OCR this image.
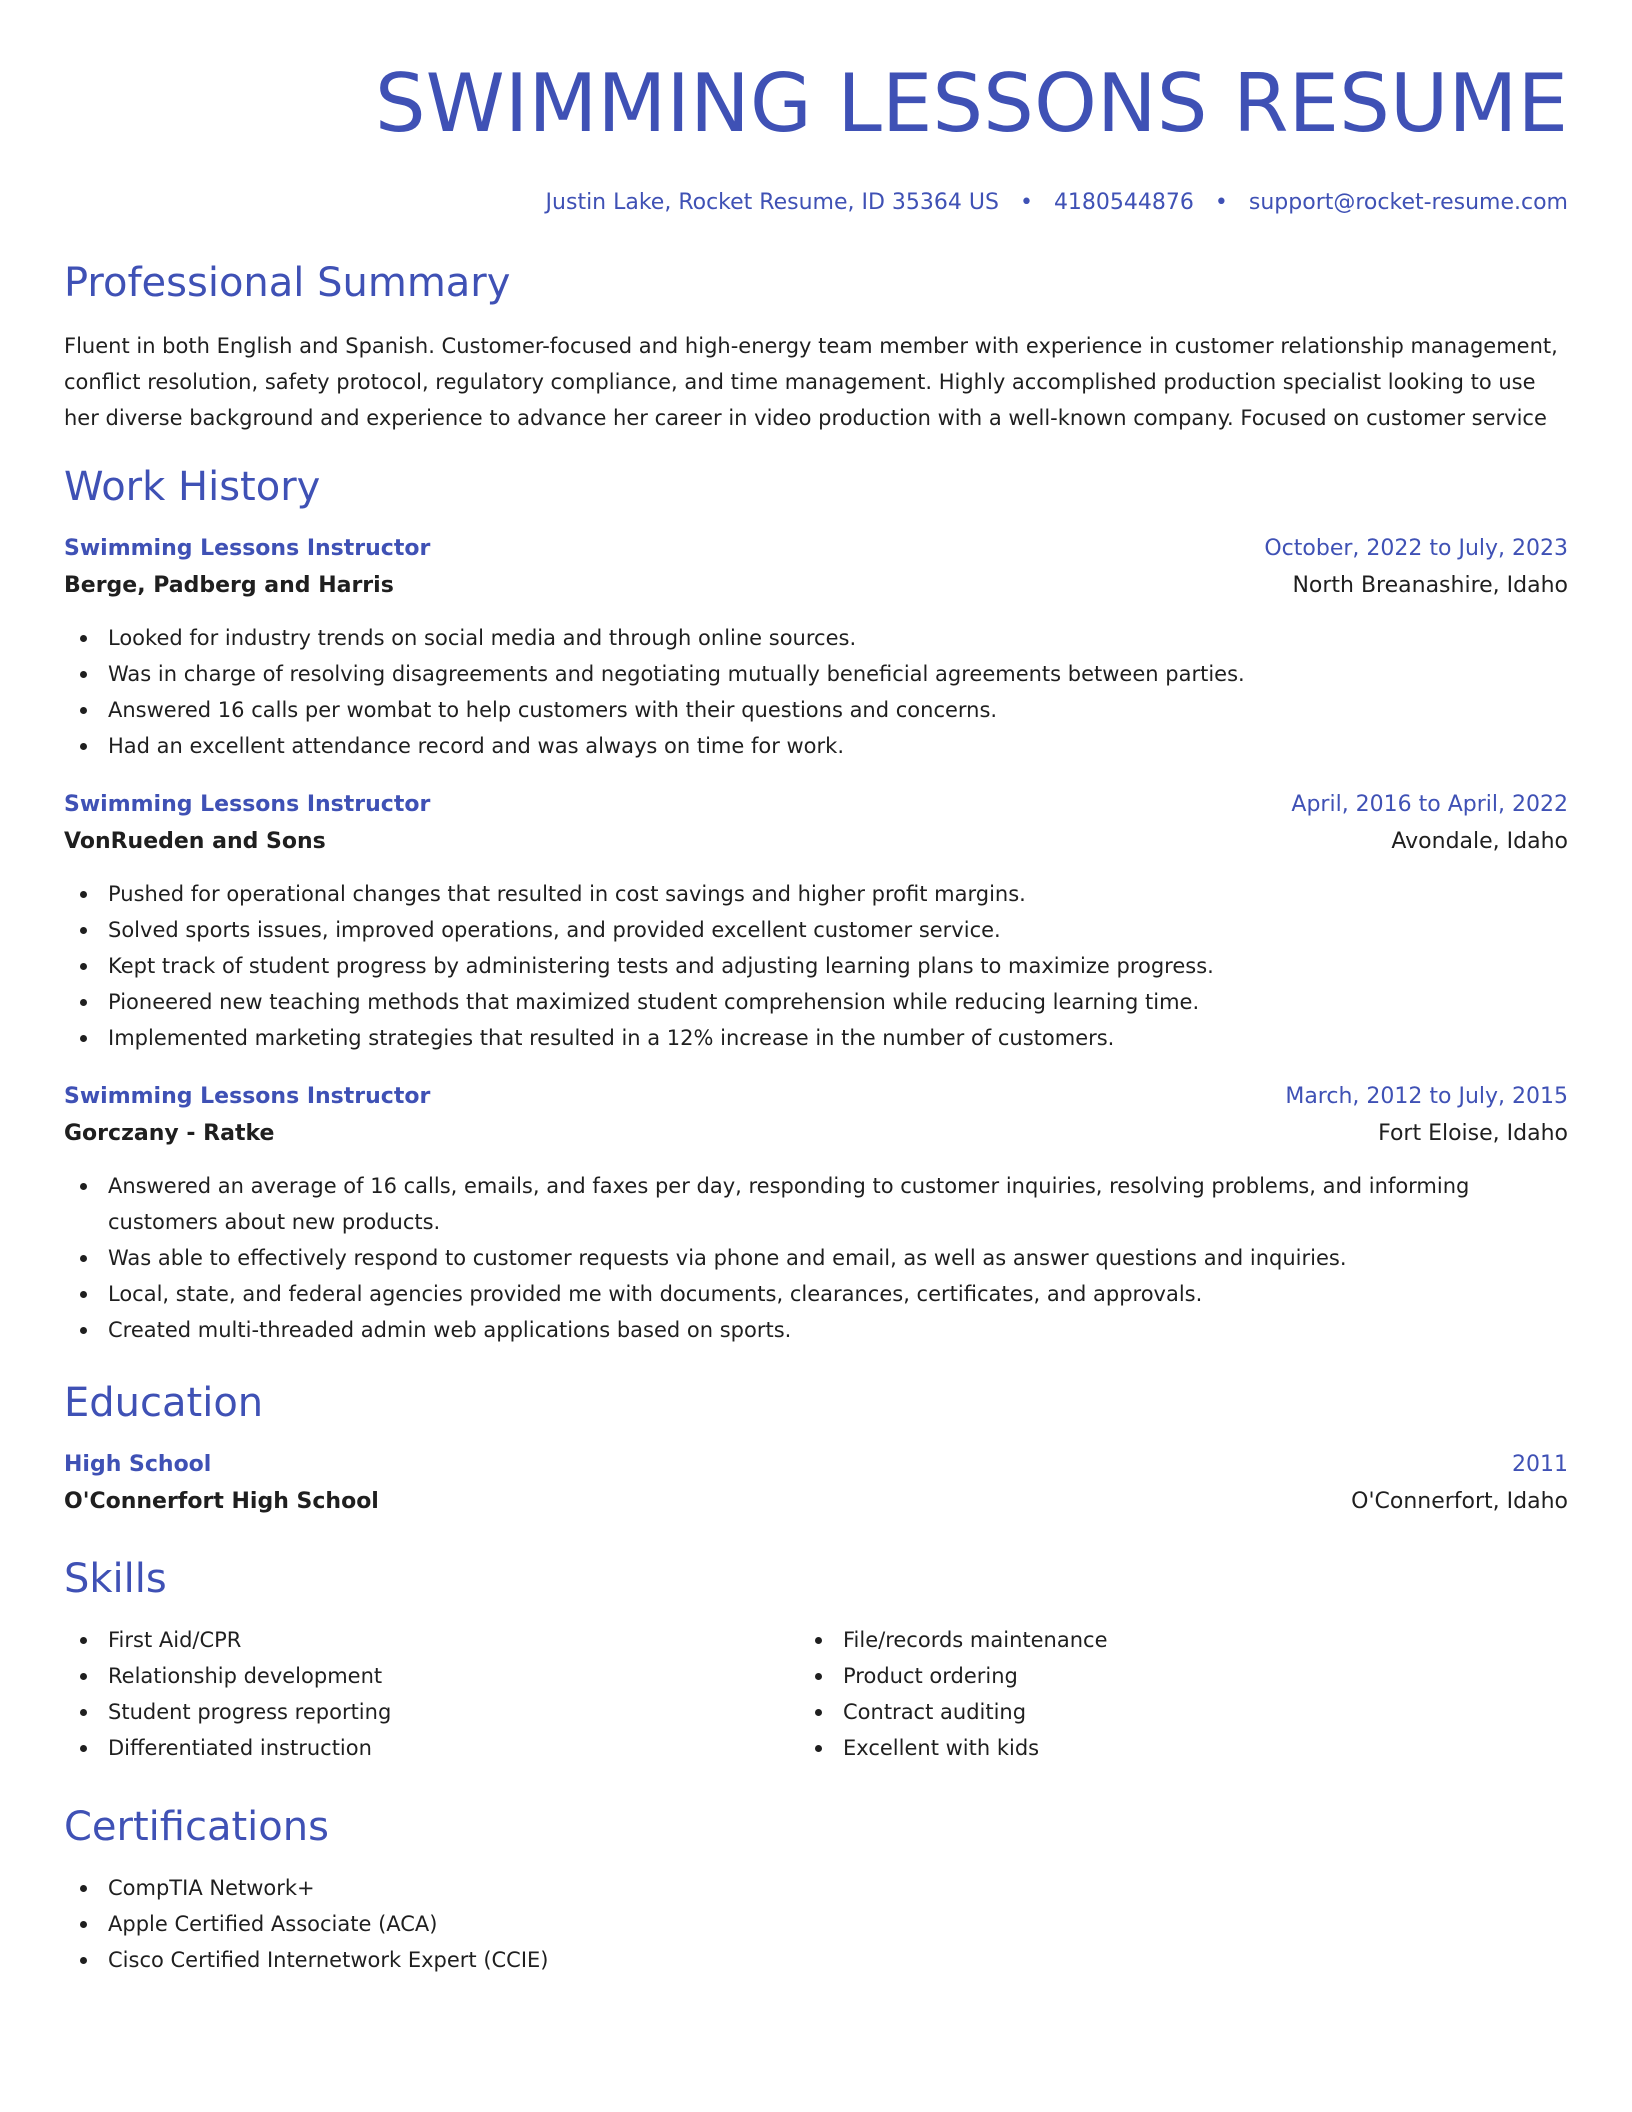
SWIMMING LESSONS RESUME
Justin Lake, Rocket Resume, ID 35364 US • 4180544876 • support@rocket-resume.com
Professional Summary

Fluent in both English and Spanish. Customer-focused and high-energy team member with experience in customer relationship management, conflict resolution, safety protocol, regulatory compliance, and time management. Highly accomplished production specialist looking to use her diverse background and experience to advance her career in video production with a well-known company. Focused on customer service

Work History
Swimming Lessons Instructor	October, 2022 to July, 2023
Berge, Padberg and Harris	North Breanashire, Idaho
Looked for industry trends on social media and through online sources.
Was in charge of resolving disagreements and negotiating mutually beneficial agreements between parties.
Answered 16 calls per wombat to help customers with their questions and concerns.
Had an excellent attendance record and was always on time for work.
Swimming Lessons Instructor	April, 2016 to April, 2022
VonRueden and Sons	Avondale, Idaho
Pushed for operational changes that resulted in cost savings and higher profit margins.
Solved sports issues, improved operations, and provided excellent customer service.
Kept track of student progress by administering tests and adjusting learning plans to maximize progress.
Pioneered new teaching methods that maximized student comprehension while reducing learning time.
Implemented marketing strategies that resulted in a 12% increase in the number of customers.
Swimming Lessons Instructor	March, 2012 to July, 2015
Gorczany - Ratke	Fort Eloise, Idaho
Answered an average of 16 calls, emails, and faxes per day, responding to customer inquiries, resolving problems, and informing customers about new products.
Was able to effectively respond to customer requests via phone and email, as well as answer questions and inquiries.
Local, state, and federal agencies provided me with documents, clearances, certificates, and approvals.
Created multi-threaded admin web applications based on sports.
Education
High School	2011
O'Connerfort High School	O'Connerfort, Idaho
Skills
First Aid/CPR
Relationship development
Student progress reporting
Differentiated instruction
File/records maintenance
Product ordering
Contract auditing
Excellent with kids
Certifications
CompTIA Network+
Apple Certified Associate (ACA)
Cisco Certified Internetwork Expert (CCIE)
